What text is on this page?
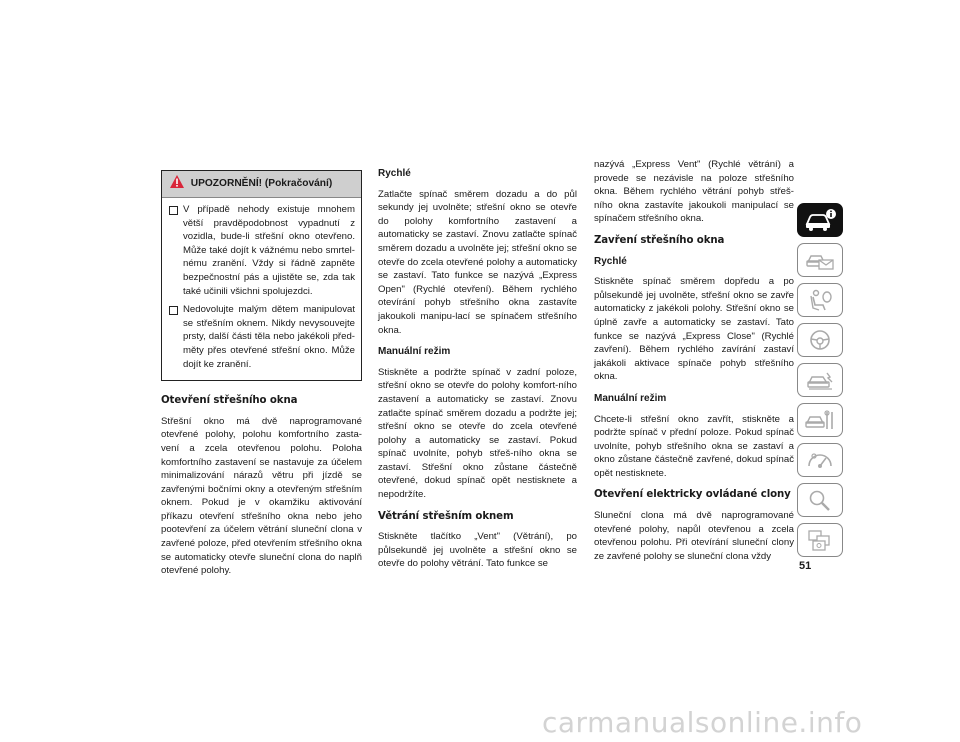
UPOZORNĚNÍ! (Pokračování)
V případě nehody existuje mnohem větší pravděpodobnost vypadnutí z vozidla, bude-li střešní okno otevřeno. Může také dojít k vážnému nebo smrtel-nému zranění. Vždy si řádně zapněte bezpečnostní pás a ujistěte se, zda tak také učinili všichni spolujezdci.
Nedovolujte malým dětem manipulovat se střešním oknem. Nikdy nevysouvejte prsty, další části těla nebo jakékoli před-měty přes otevřené střešní okno. Může dojít ke zranění.
Otevření střešního okna

Střešní okno má dvě naprogramované otevřené polohy, polohu komfortního zasta-vení a zcela otevřenou polohu. Poloha komfortního zastavení se nastavuje za účelem minimalizování nárazů větru při jízdě se zavřenými bočními okny a otevřeným střešním oknem. Pokud je v okamžiku aktivování příkazu otevření střešního okna nebo jeho pootevření za účelem větrání sluneční clona v zavřené poloze, před otevřením střešního okna se automaticky otevře sluneční clona do naplň otevřené polohy.

Rychlé

Zatlačte spínač směrem dozadu a do půl sekundy jej uvolněte; střešní okno se otevře do polohy komfortního zastavení a automaticky se zastaví. Znovu zatlačte spínač směrem dozadu a uvolněte jej; střešní okno se otevře do zcela otevřené polohy a automaticky se zastaví. Tato funkce se nazývá „Express Open" (Rychlé otevření). Během rychlého otevírání pohyb střešního okna zastavíte jakoukoli manipu-lací se spínačem střešního okna.

Manuální režim

Stiskněte a podržte spínač v zadní poloze, střešní okno se otevře do polohy komfort-ního zastavení a automaticky se zastaví. Znovu zatlačte spínač směrem dozadu a podržte jej; střešní okno se otevře do zcela otevřené polohy a automaticky se zastaví. Pokud spínač uvolníte, pohyb střeš-ního okna se zastaví. Střešní okno zůstane částečně otevřené, dokud spínač opět nestisknete a nepodržíte.

Větrání střešním oknem

Stiskněte tlačítko „Vent" (Větrání), po půlsekundě jej uvolněte a střešní okno se otevře do polohy větrání. Tato funkce se

nazývá „Express Vent" (Rychlé větrání) a provede se nezávisle na poloze střešního okna. Během rychlého větrání pohyb střeš-ního okna zastavíte jakoukoli manipulací se spínačem střešního okna.

Zavření střešního okna
Rychlé

Stiskněte spínač směrem dopředu a po půlsekundě jej uvolněte, střešní okno se zavře automaticky z jakékoli polohy. Střešní okno se úplně zavře a automaticky se zastaví. Tato funkce se nazývá „Express Close" (Rychlé zavření). Během rychlého zavírání zastaví jakákoli aktivace spínače pohyb střešního okna.

Manuální režim

Chcete-li střešní okno zavřít, stiskněte a podržte spínač v přední poloze. Pokud spínač uvolníte, pohyb střešního okna se zastaví a okno zůstane částečně zavřené, dokud spínač opět nestisknete.

Otevření elektricky ovládané clony

Sluneční clona má dvě naprogramované otevřené polohy, napůl otevřenou a zcela otevřenou polohu. Při otevírání sluneční clony ze zavřené polohy se sluneční clona vždy

51
carmanualsonline.info
